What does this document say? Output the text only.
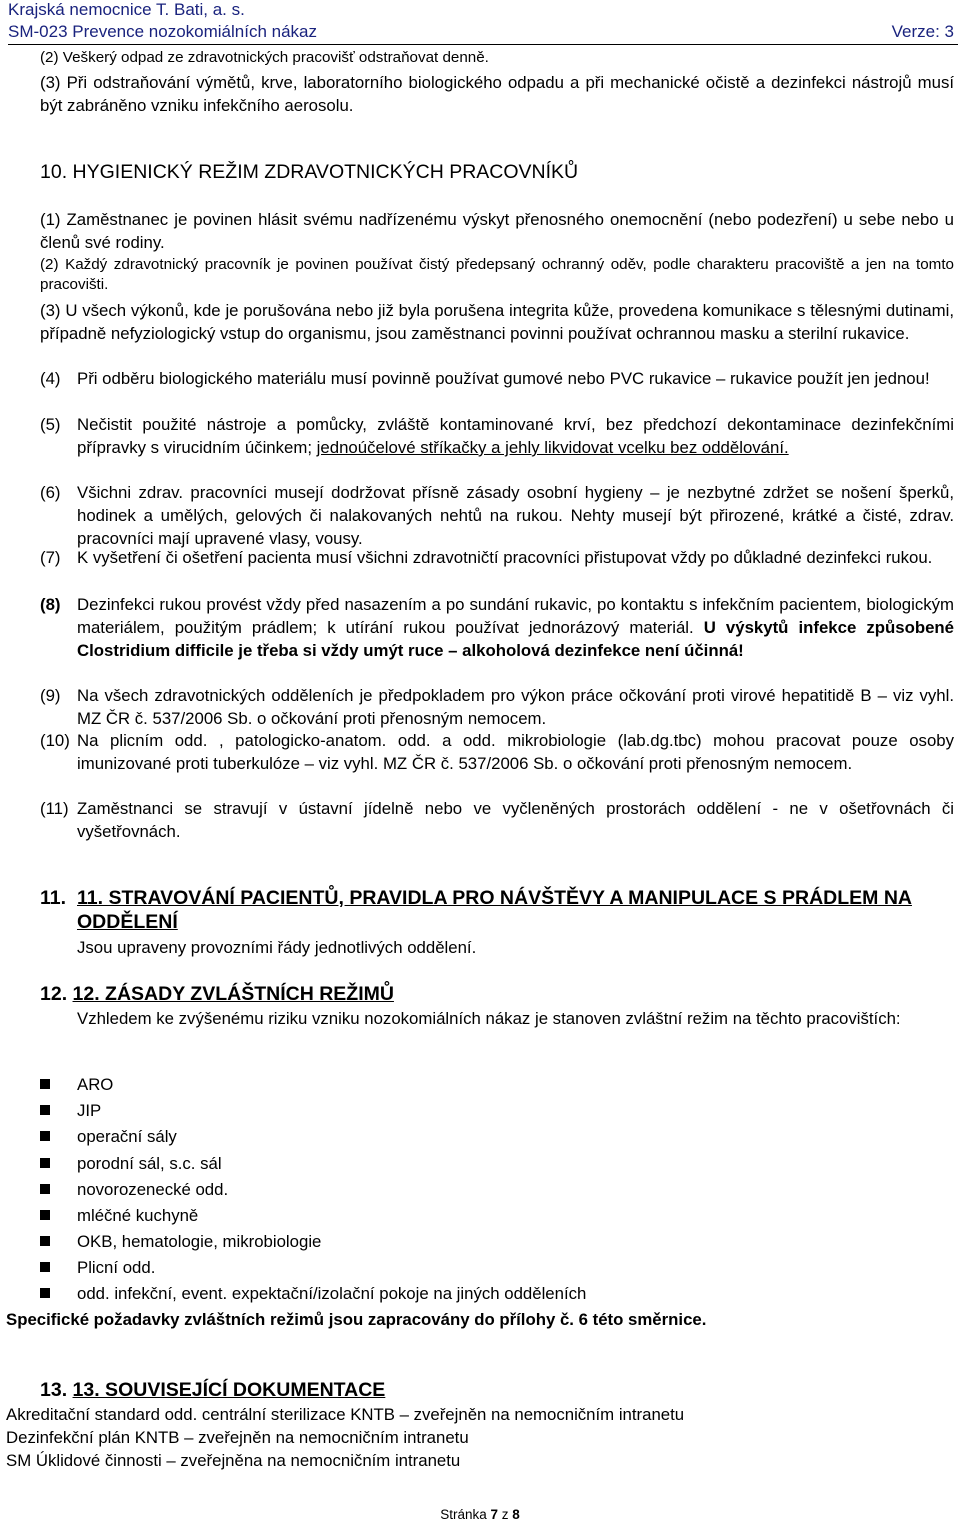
Krajská nemocnice T. Bati, a. s.
SM-023 Prevence nozokomiálních nákaz	Verze: 3
(2) Veškerý odpad ze zdravotnických pracovišť odstraňovat denně.
(3) Při odstraňování výmětů, krve, laboratorního biologického odpadu a při mechanické očistě a dezinfekci nástrojů musí být zabráněno vzniku infekčního aerosolu.
10. HYGIENICKÝ REŽIM ZDRAVOTNICKÝCH PRACOVNÍKŮ
(1) Zaměstnanec je povinen hlásit svému nadřízenému výskyt přenosného onemocnění (nebo podezření) u sebe nebo u členů své rodiny.
(2) Každý zdravotnický pracovník je povinen používat čistý předepsaný ochranný oděv, podle charakteru pracoviště a jen na tomto pracovišti.
(3) U všech výkonů, kde je porušována nebo již byla porušena integrita kůže, provedena komunikace s tělesnými dutinami, případně nefyziologický vstup do organismu, jsou zaměstnanci povinni používat ochrannou masku a sterilní rukavice.
(4) Při odběru biologického materiálu musí povinně používat gumové nebo PVC rukavice – rukavice použít jen jednou!
(5) Nečistit použité nástroje a pomůcky, zvláště kontaminované krví, bez předchozí dekontaminace dezinfekčními přípravky s virucidním účinkem; jednoúčelové stříkačky a jehly likvidovat vcelku bez oddělování.
(6) Všichni zdrav. pracovníci musejí dodržovat přísně zásady osobní hygieny – je nezbytné zdržet se nošení šperků, hodinek a umělých, gelových či nalakovaných nehtů na rukou. Nehty musejí být přirozené, krátké a čisté, zdrav. pracovníci mají upravené vlasy, vousy.
(7) K vyšetření či ošetření pacienta musí všichni zdravotničtí pracovníci přistupovat vždy po důkladné dezinfekci rukou.
(8) Dezinfekci rukou provést vždy před nasazením a po sundání rukavic, po kontaktu s infekčním pacientem, biologickým materiálem, použitým prádlem; k utírání rukou používat jednorázový materiál. U výskytů infekce způsobené Clostridium difficile je třeba si vždy umýt ruce – alkoholová dezinfekce není účinná!
(9) Na všech zdravotnických odděleních je předpokladem pro výkon práce očkování proti virové hepatitidě B – viz vyhl. MZ ČR č. 537/2006 Sb. o očkování proti přenosným nemocem.
(10) Na plicním odd. , patologicko-anatom. odd. a odd. mikrobiologie (lab.dg.tbc) mohou pracovat pouze osoby imunizované proti tuberkulóze – viz vyhl. MZ ČR č. 537/2006 Sb. o očkování proti přenosným nemocem.
(11) Zaměstnanci se stravují v ústavní jídelně nebo ve vyčleněných prostorách oddělení - ne v ošetřovnách či vyšetřovnách.
11. 11. STRAVOVÁNÍ PACIENTŮ, PRAVIDLA PRO NÁVŠTĚVY A MANIPULACE S PRÁDLEM NA ODDĚLENÍ
Jsou upraveny provozními řády jednotlivých oddělení.
12. 12. ZÁSADY ZVLÁŠTNÍCH REŽIMŮ
Vzhledem ke zvýšenému riziku vzniku nozokomiálních nákaz je stanoven zvláštní režim na těchto pracovištích:
ARO
JIP
operační sály
porodní sál, s.c. sál
novorozenecké odd.
mléčné kuchyně
OKB, hematologie, mikrobiologie
Plicní odd.
odd. infekční, event. expektační/izolační pokoje na jiných odděleních
Specifické požadavky zvláštních režimů jsou zapracovány do přílohy č. 6 této směrnice.
13. 13. SOUVISEJÍCÍ DOKUMENTACE
Akreditační standard odd. centrální sterilizace KNTB – zveřejněn na nemocničním intranetu
Dezinfekční plán KNTB – zveřejněn na nemocničním intranetu
SM Úklidové činnosti – zveřejněna na nemocničním intranetu
Stránka 7 z 8
